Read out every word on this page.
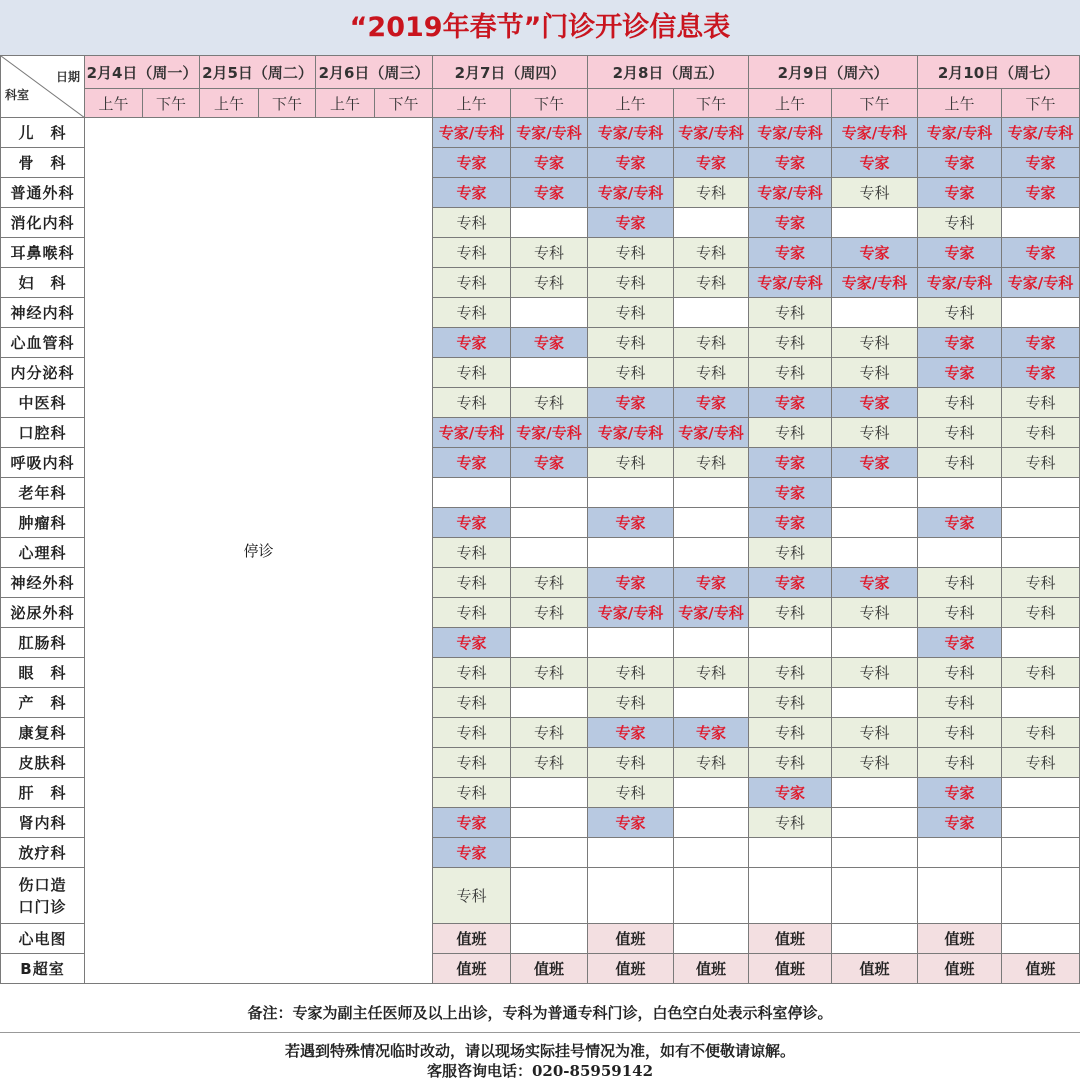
“2019年春节”门诊开诊信息表
日期
科室	2月4日（周一）		2月5日（周二）		2月6日（周三）		2月7日（周四）		2月8日（周五）		2月9日（周六）		2月10日（周七）	
	上午	下午	上午	下午	上午	下午	上午	下午	上午	下午	上午	下午	上午	下午
儿　科	停诊						专家/专科	专家/专科	专家/专科	专家/专科	专家/专科	专家/专科	专家/专科	专家/专科
骨　科							专家	专家	专家	专家	专家	专家	专家	专家
普通外科							专家	专家	专家/专科	专科	专家/专科	专科	专家	专家
消化内科							专科		专家		专家		专科	
耳鼻喉科							专科	专科	专科	专科	专家	专家	专家	专家
妇　科							专科	专科	专科	专科	专家/专科	专家/专科	专家/专科	专家/专科
神经内科							专科		专科		专科		专科	
心血管科							专家	专家	专科	专科	专科	专科	专家	专家
内分泌科							专科		专科	专科	专科	专科	专家	专家
中医科							专科	专科	专家	专家	专家	专家	专科	专科
口腔科							专家/专科	专家/专科	专家/专科	专家/专科	专科	专科	专科	专科
呼吸内科							专家	专家	专科	专科	专家	专家	专科	专科
老年科											专家			
肿瘤科							专家		专家		专家		专家	
心理科							专科				专科			
神经外科							专科	专科	专家	专家	专家	专家	专科	专科
泌尿外科							专科	专科	专家/专科	专家/专科	专科	专科	专科	专科
肛肠科							专家						专家	
眼　科							专科	专科	专科	专科	专科	专科	专科	专科
产　科							专科		专科		专科		专科	
康复科							专科	专科	专家	专家	专科	专科	专科	专科
皮肤科							专科	专科	专科	专科	专科	专科	专科	专科
肝　科							专科		专科		专家		专家	
肾内科							专家		专家		专科		专家	
放疗科							专家							
伤口造口门诊							专科							
心电图							值班		值班		值班		值班	
B超室							值班	值班	值班	值班	值班	值班	值班	值班
备注：专家为副主任医师及以上出诊，专科为普通专科门诊，白色空白处表示科室停诊。
若遇到特殊情况临时改动，请以现场实际挂号情况为准，如有不便敬请谅解。
客服咨询电话：020-85959142
